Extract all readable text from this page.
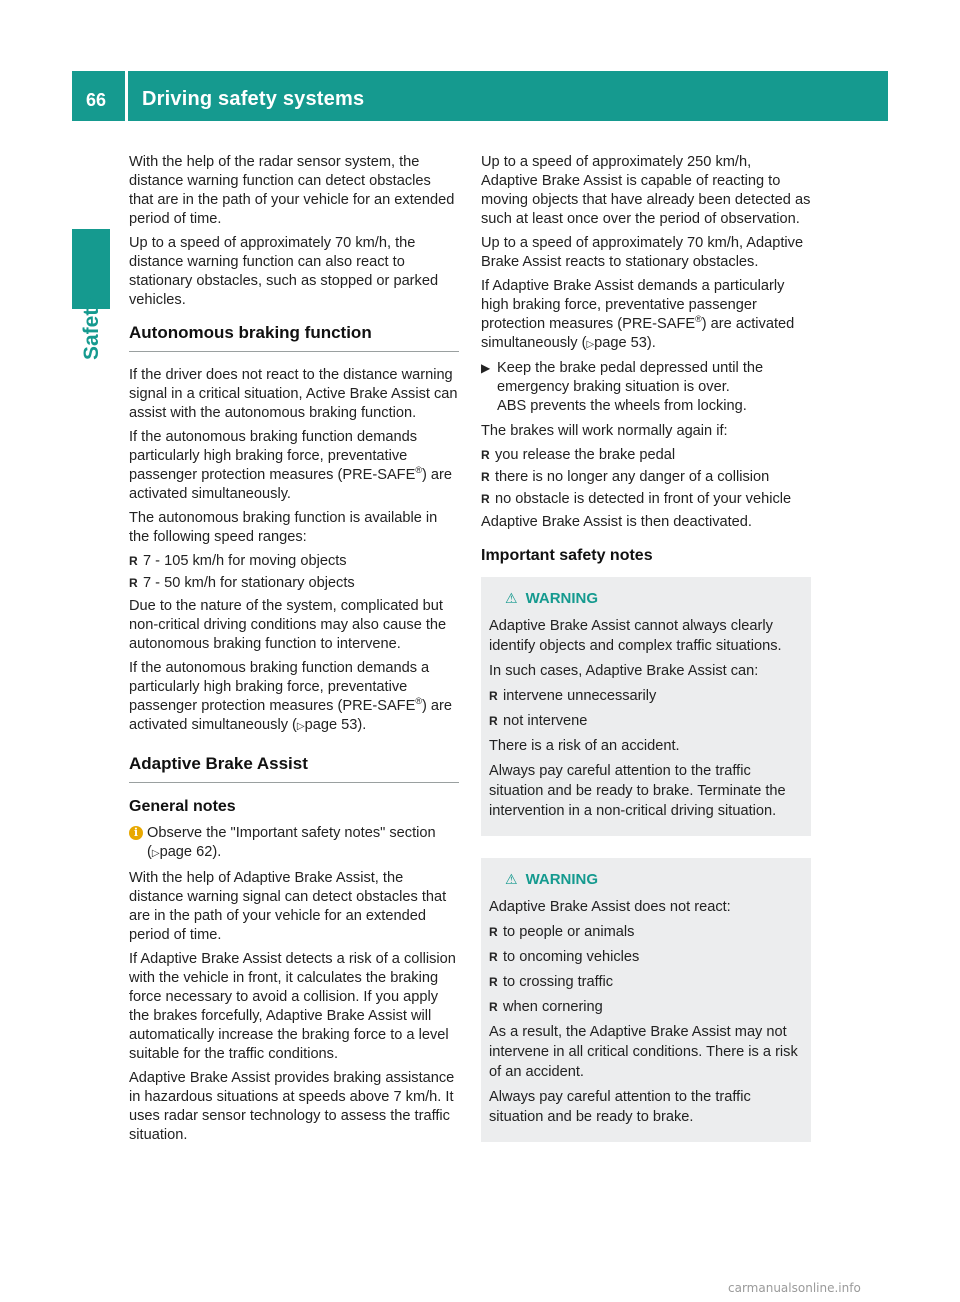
66 Driving safety systems
Safety

With the help of the radar sensor system, the distance warning function can detect obstacles that are in the path of your vehicle for an extended period of time.

Up to a speed of approximately 70 km/h, the distance warning function can also react to stationary obstacles, such as stopped or parked vehicles.

Autonomous braking function

If the driver does not react to the distance warning signal in a critical situation, Active Brake Assist can assist with the autonomous braking function.

If the autonomous braking function demands particularly high braking force, preventative passenger protection measures (PRE-SAFE®) are activated simultaneously.

The autonomous braking function is available in the following speed ranges:

R 7 - 105 km/h for moving objects
R 7 - 50 km/h for stationary objects

Due to the nature of the system, complicated but non-critical driving conditions may also cause the autonomous braking function to intervene.

If the autonomous braking function demands a particularly high braking force, preventative passenger protection measures (PRE-SAFE®) are activated simultaneously (▷page 53).

Adaptive Brake Assist
General notes
i Observe the "Important safety notes" section (▷page 62).

With the help of Adaptive Brake Assist, the distance warning signal can detect obstacles that are in the path of your vehicle for an extended period of time.

If Adaptive Brake Assist detects a risk of a collision with the vehicle in front, it calculates the braking force necessary to avoid a collision. If you apply the brakes forcefully, Adaptive Brake Assist will automatically increase the braking force to a level suitable for the traffic conditions.

Adaptive Brake Assist provides braking assistance in hazardous situations at speeds above 7 km/h. It uses radar sensor technology to assess the traffic situation.

Up to a speed of approximately 250 km/h, Adaptive Brake Assist is capable of reacting to moving objects that have already been detected as such at least once over the period of observation.

Up to a speed of approximately 70 km/h, Adaptive Brake Assist reacts to stationary obstacles.

If Adaptive Brake Assist demands a particularly high braking force, preventative passenger protection measures (PRE-SAFE®) are activated simultaneously (▷page 53).

▶ Keep the brake pedal depressed until the emergency braking situation is over.
ABS prevents the wheels from locking.

The brakes will work normally again if:

R you release the brake pedal
R there is no longer any danger of a collision
R no obstacle is detected in front of your vehicle

Adaptive Brake Assist is then deactivated.

Important safety notes
⚠ WARNING

Adaptive Brake Assist cannot always clearly identify objects and complex traffic situations.

In such cases, Adaptive Brake Assist can:

R intervene unnecessarily
R not intervene

There is a risk of an accident.

Always pay careful attention to the traffic situation and be ready to brake. Terminate the intervention in a non-critical driving situation.

⚠ WARNING

Adaptive Brake Assist does not react:

R to people or animals
R to oncoming vehicles
R to crossing traffic
R when cornering

As a result, the Adaptive Brake Assist may not intervene in all critical conditions. There is a risk of an accident.

Always pay careful attention to the traffic situation and be ready to brake.

carmanualsonline.info
